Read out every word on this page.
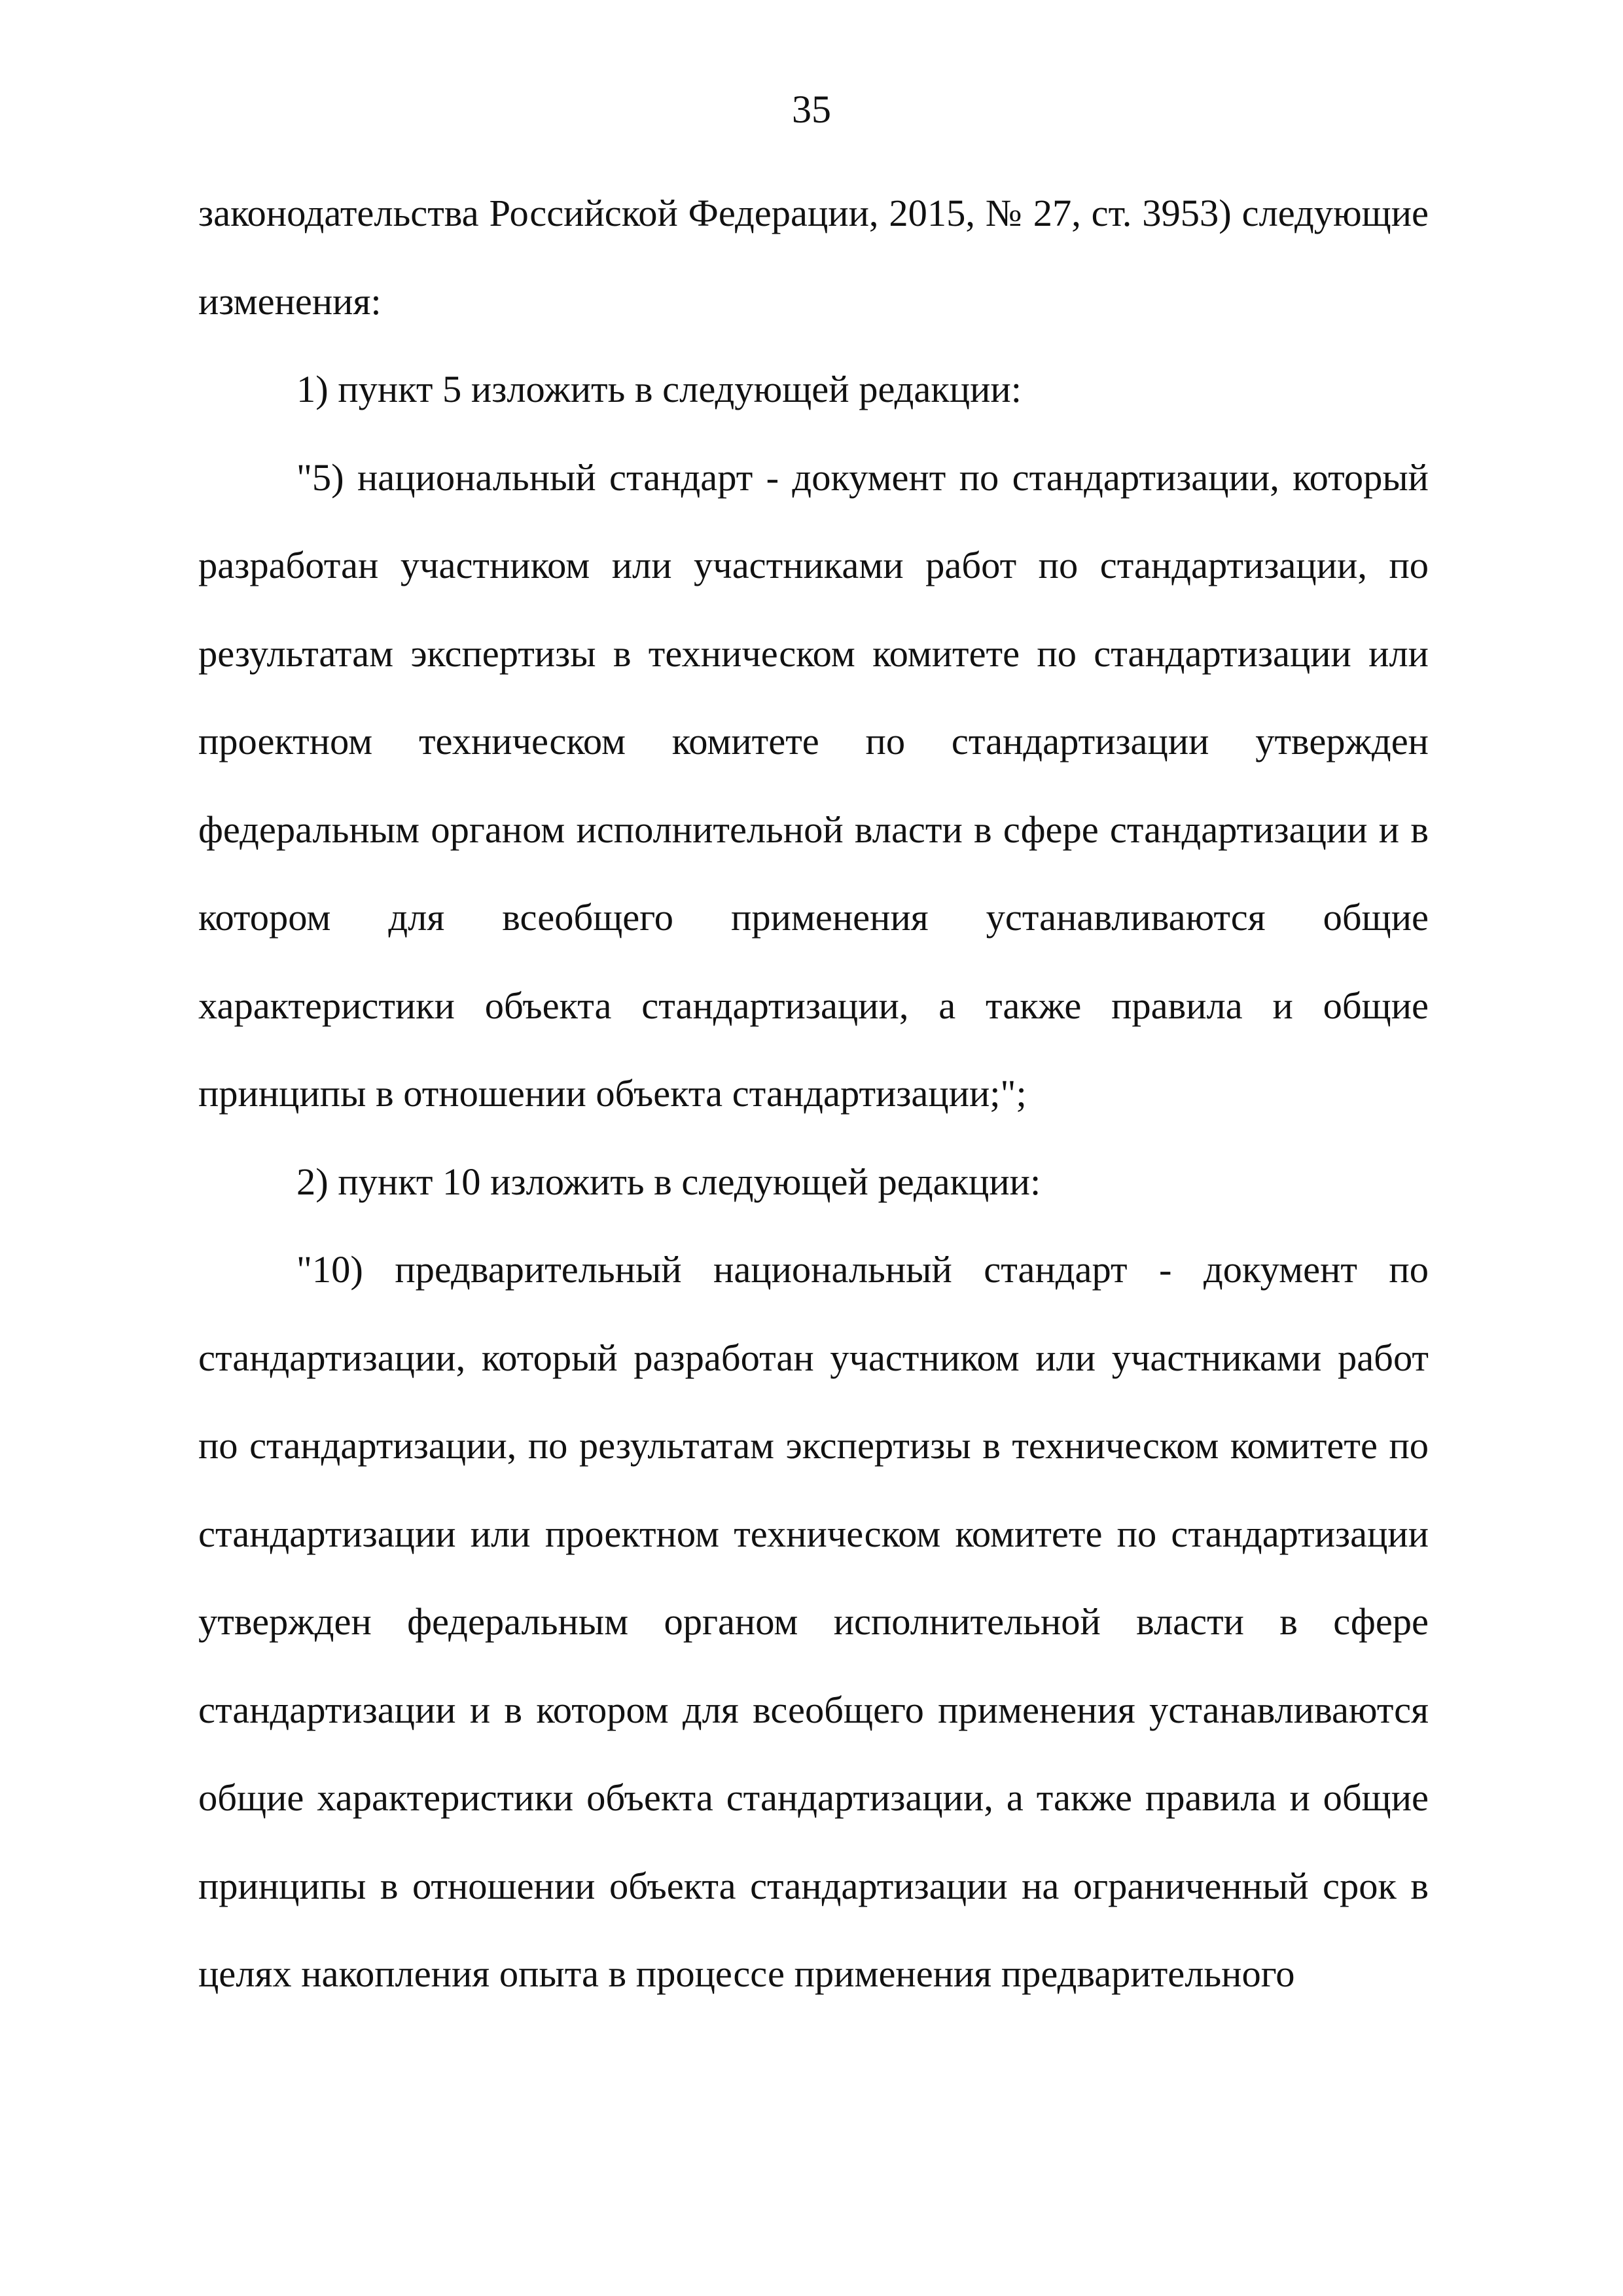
35

законодательства Российской Федерации, 2015, № 27, ст. 3953) следующие изменения:

1) пункт 5 изложить в следующей редакции:

"5) национальный стандарт - документ по стандартизации, который разработан участником или участниками работ по стандартизации, по результатам экспертизы в техническом комитете по стандартизации или проектном техническом комитете по стандартизации утвержден федеральным органом исполнительной власти в сфере стандартизации и в котором для всеобщего применения устанавливаются общие характеристики объекта стандартизации, а также правила и общие принципы в отношении объекта стандартизации;";

2) пункт 10 изложить в следующей редакции:

"10) предварительный национальный стандарт - документ по стандартизации, который разработан участником или участниками работ по стандартизации, по результатам экспертизы в техническом комитете по стандартизации или проектном техническом комитете по стандартизации утвержден федеральным органом исполнительной власти в сфере стандартизации и в котором для всеобщего применения устанавливаются общие характеристики объекта стандартизации, а также правила и общие принципы в отношении объекта стандартизации на ограниченный срок в целях накопления опыта в процессе применения предварительного
